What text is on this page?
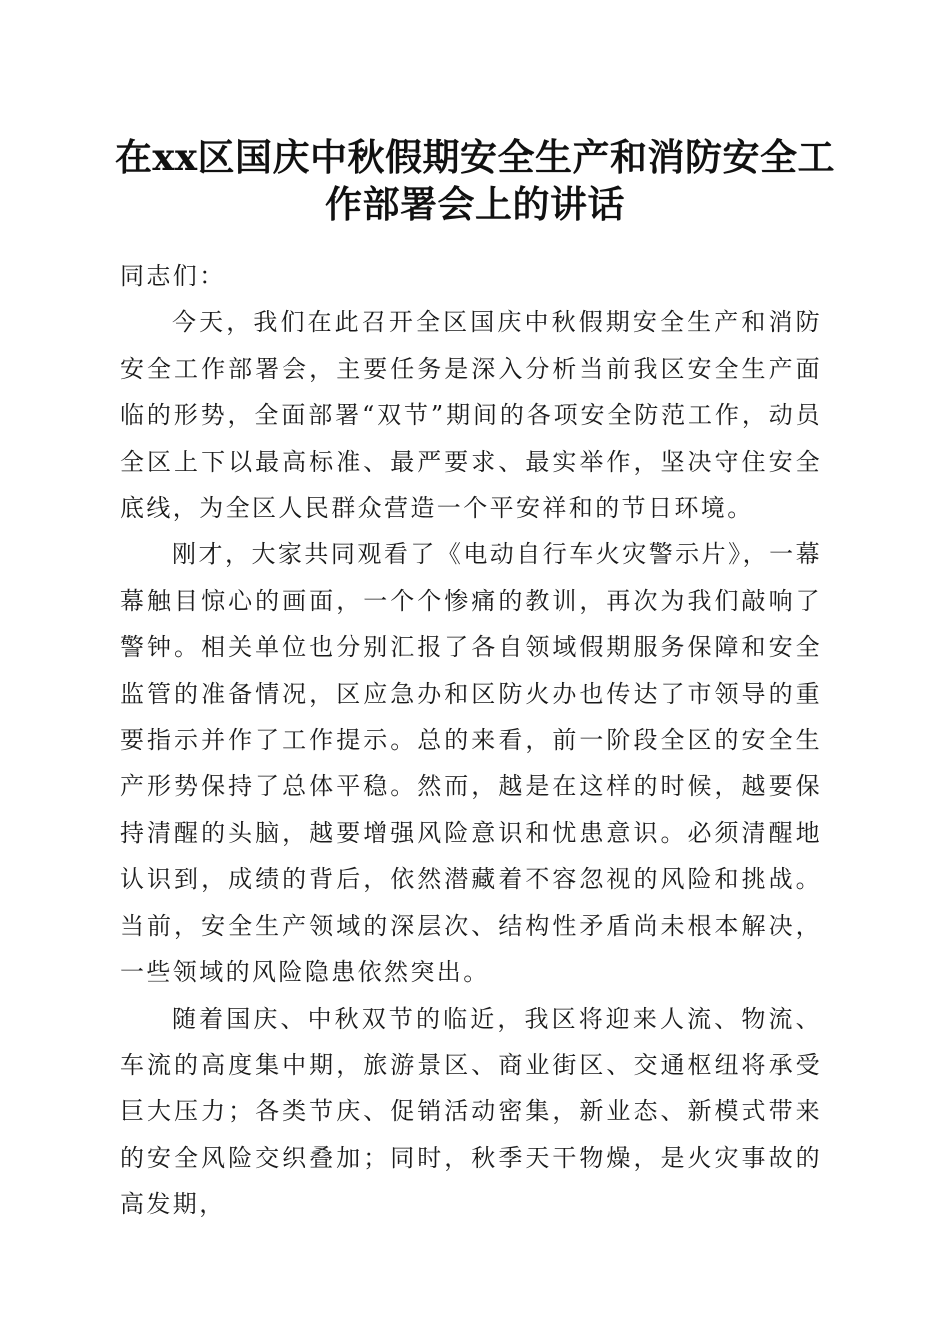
在xx区国庆中秋假期安全生产和消防安全工
作部署会上的讲话

同志们：

今天，我们在此召开全区国庆中秋假期安全生产和消防安全工作部署会，主要任务是深入分析当前我区安全生产面临的形势，全面部署“双节”期间的各项安全防范工作，动员全区上下以最高标准、最严要求、最实举作，坚决守住安全底线，为全区人民群众营造一个平安祥和的节日环境。

刚才，大家共同观看了《电动自行车火灾警示片》，一幕幕触目惊心的画面，一个个惨痛的教训，再次为我们敲响了警钟。相关单位也分别汇报了各自领域假期服务保障和安全监管的准备情况，区应急办和区防火办也传达了市领导的重要指示并作了工作提示。总的来看，前一阶段全区的安全生产形势保持了总体平稳。然而，越是在这样的时候，越要保持清醒的头脑，越要增强风险意识和忧患意识。必须清醒地认识到，成绩的背后，依然潜藏着不容忽视的风险和挑战。当前，安全生产领域的深层次、结构性矛盾尚未根本解决，一些领域的风险隐患依然突出。

随着国庆、中秋双节的临近，我区将迎来人流、物流、车流的高度集中期，旅游景区、商业街区、交通枢纽将承受巨大压力；各类节庆、促销活动密集，新业态、新模式带来的安全风险交织叠加；同时，秋季天干物燥，是火灾事故的高发期，
